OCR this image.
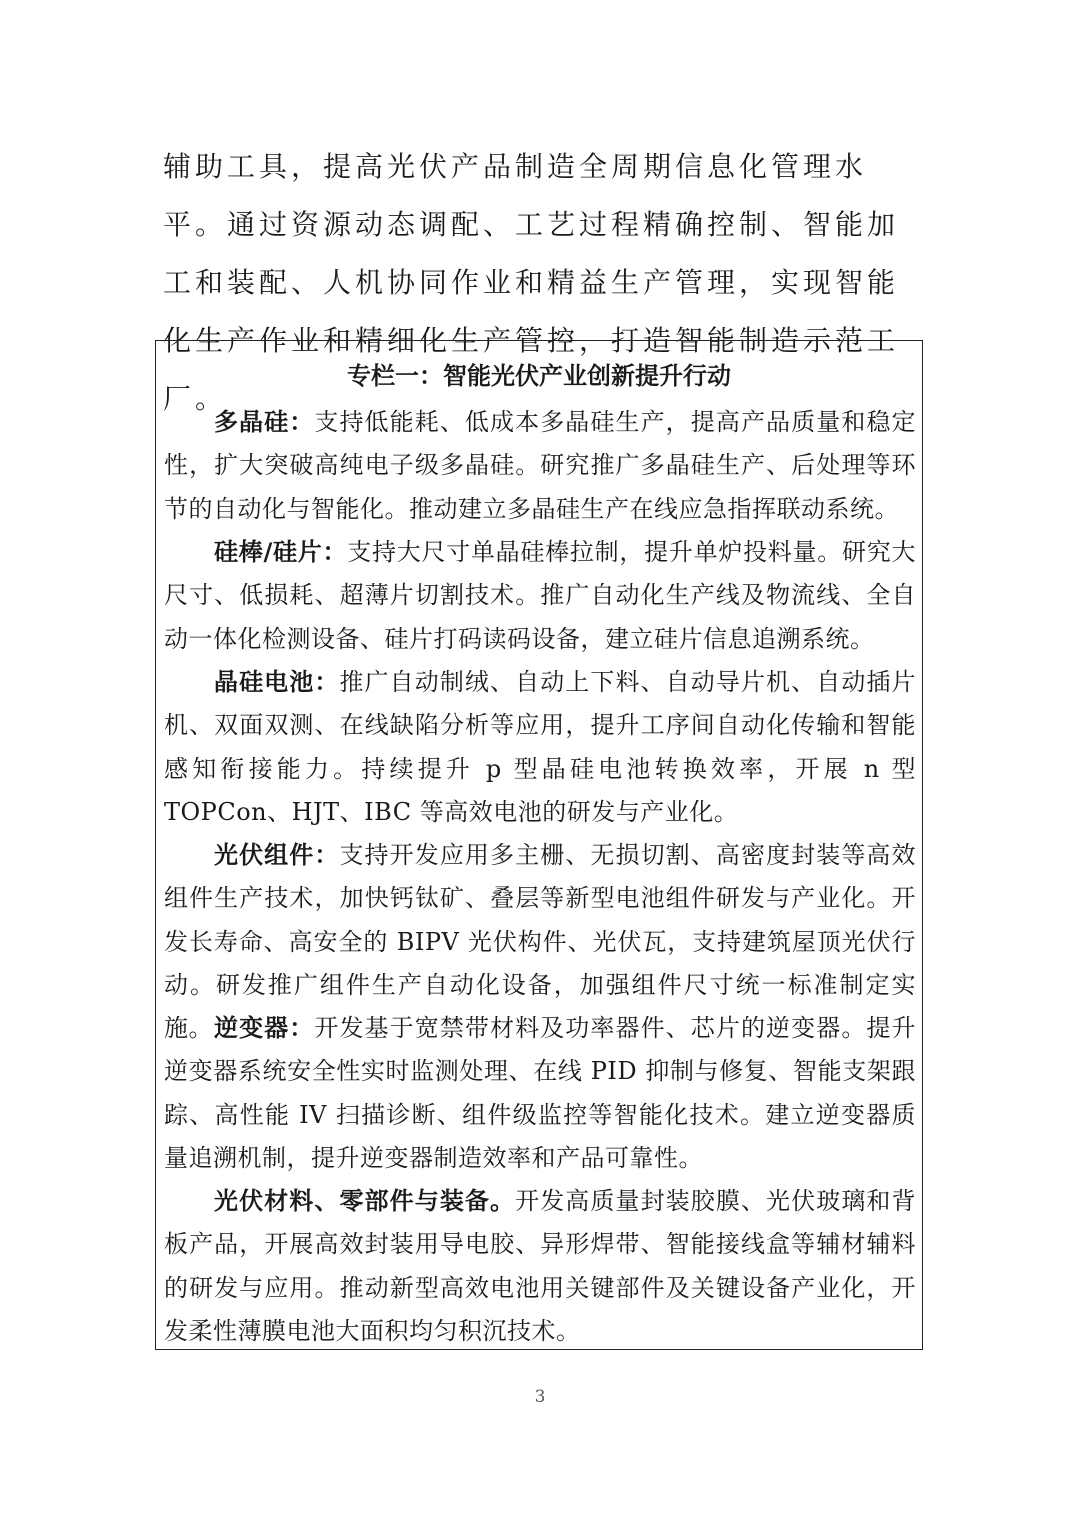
辅助工具，提高光伏产品制造全周期信息化管理水平。通过资源动态调配、工艺过程精确控制、智能加工和装配、人机协同作业和精益生产管理，实现智能化生产作业和精细化生产管控，打造智能制造示范工厂。

专栏一：智能光伏产业创新提升行动

多晶硅：支持低能耗、低成本多晶硅生产，提高产品质量和稳定性，扩大突破高纯电子级多晶硅。研究推广多晶硅生产、后处理等环节的自动化与智能化。推动建立多晶硅生产在线应急指挥联动系统。

硅棒/硅片：支持大尺寸单晶硅棒拉制，提升单炉投料量。研究大尺寸、低损耗、超薄片切割技术。推广自动化生产线及物流线、全自动一体化检测设备、硅片打码读码设备，建立硅片信息追溯系统。

晶硅电池：推广自动制绒、自动上下料、自动导片机、自动插片机、双面双测、在线缺陷分析等应用，提升工序间自动化传输和智能感知衔接能力。持续提升 p 型晶硅电池转换效率，开展 n 型 TOPCon、HJT、IBC 等高效电池的研发与产业化。

光伏组件：支持开发应用多主栅、无损切割、高密度封装等高效组件生产技术，加快钙钛矿、叠层等新型电池组件研发与产业化。开发长寿命、高安全的 BIPV 光伏构件、光伏瓦，支持建筑屋顶光伏行动。研发推广组件生产自动化设备，加强组件尺寸统一标准制定实施。 逆变器：开发基于宽禁带材料及功率器件、芯片的逆变器。提升逆变器系统安全性实时监测处理、在线 PID 抑制与修复、智能支架跟踪、高性能 IV 扫描诊断、组件级监控等智能化技术。建立逆变器质量追溯机制，提升逆变器制造效率和产品可靠性。

光伏材料、零部件与装备。开发高质量封装胶膜、光伏玻璃和背板产品，开展高效封装用导电胶、异形焊带、智能接线盒等辅材辅料的研发与应用。推动新型高效电池用关键部件及关键设备产业化，开发柔性薄膜电池大面积均匀积沉技术。

3
